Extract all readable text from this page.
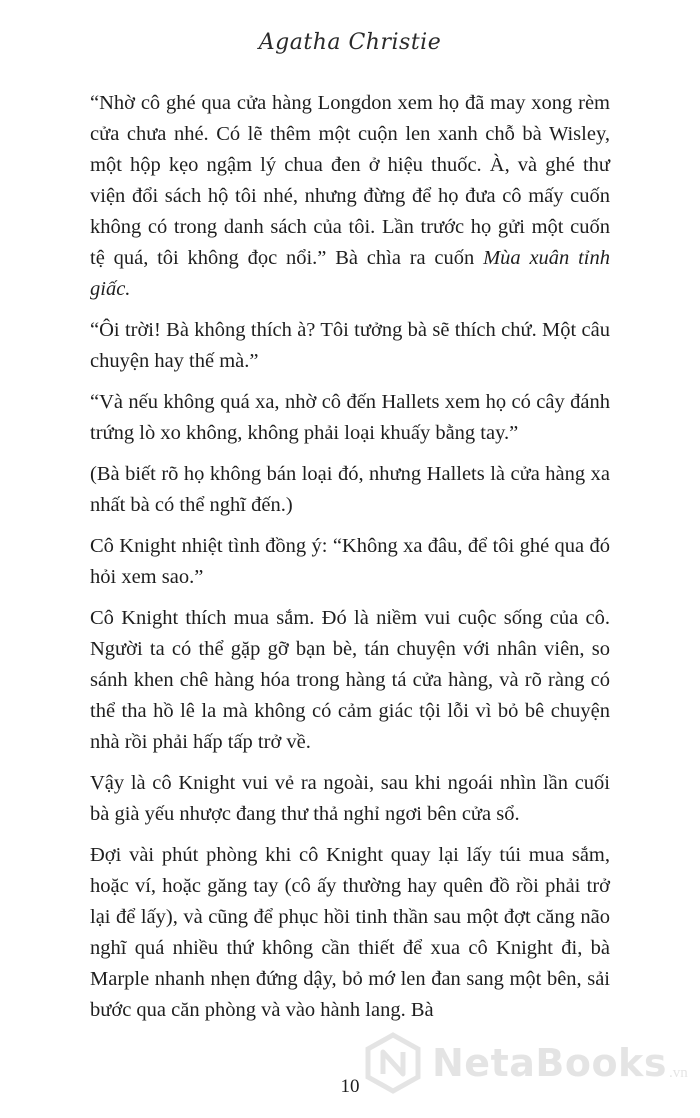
Agatha Christie

“Nhờ cô ghé qua cửa hàng Longdon xem họ đã may xong rèm cửa chưa nhé. Có lẽ thêm một cuộn len xanh chỗ bà Wisley, một hộp kẹo ngậm lý chua đen ở hiệu thuốc. À, và ghé thư viện đổi sách hộ tôi nhé, nhưng đừng để họ đưa cô mấy cuốn không có trong danh sách của tôi. Lần trước họ gửi một cuốn tệ quá, tôi không đọc nổi.” Bà chìa ra cuốn Mùa xuân tỉnh giấc.

“Ôi trời! Bà không thích à? Tôi tưởng bà sẽ thích chứ. Một câu chuyện hay thế mà.”

“Và nếu không quá xa, nhờ cô đến Hallets xem họ có cây đánh trứng lò xo không, không phải loại khuấy bằng tay.”

(Bà biết rõ họ không bán loại đó, nhưng Hallets là cửa hàng xa nhất bà có thể nghĩ đến.)

Cô Knight nhiệt tình đồng ý: “Không xa đâu, để tôi ghé qua đó hỏi xem sao.”

Cô Knight thích mua sắm. Đó là niềm vui cuộc sống của cô. Người ta có thể gặp gỡ bạn bè, tán chuyện với nhân viên, so sánh khen chê hàng hóa trong hàng tá cửa hàng, và rõ ràng có thể tha hồ lê la mà không có cảm giác tội lỗi vì bỏ bê chuyện nhà rồi phải hấp tấp trở về.

Vậy là cô Knight vui vẻ ra ngoài, sau khi ngoái nhìn lần cuối bà già yếu nhược đang thư thả nghỉ ngơi bên cửa sổ.

Đợi vài phút phòng khi cô Knight quay lại lấy túi mua sắm, hoặc ví, hoặc găng tay (cô ấy thường hay quên đồ rồi phải trở lại để lấy), và cũng để phục hồi tinh thần sau một đợt căng não nghĩ quá nhiều thứ không cần thiết để xua cô Knight đi, bà Marple nhanh nhẹn đứng dậy, bỏ mớ len đan sang một bên, sải bước qua căn phòng và vào hành lang. Bà

10
NetaBooks .vn
